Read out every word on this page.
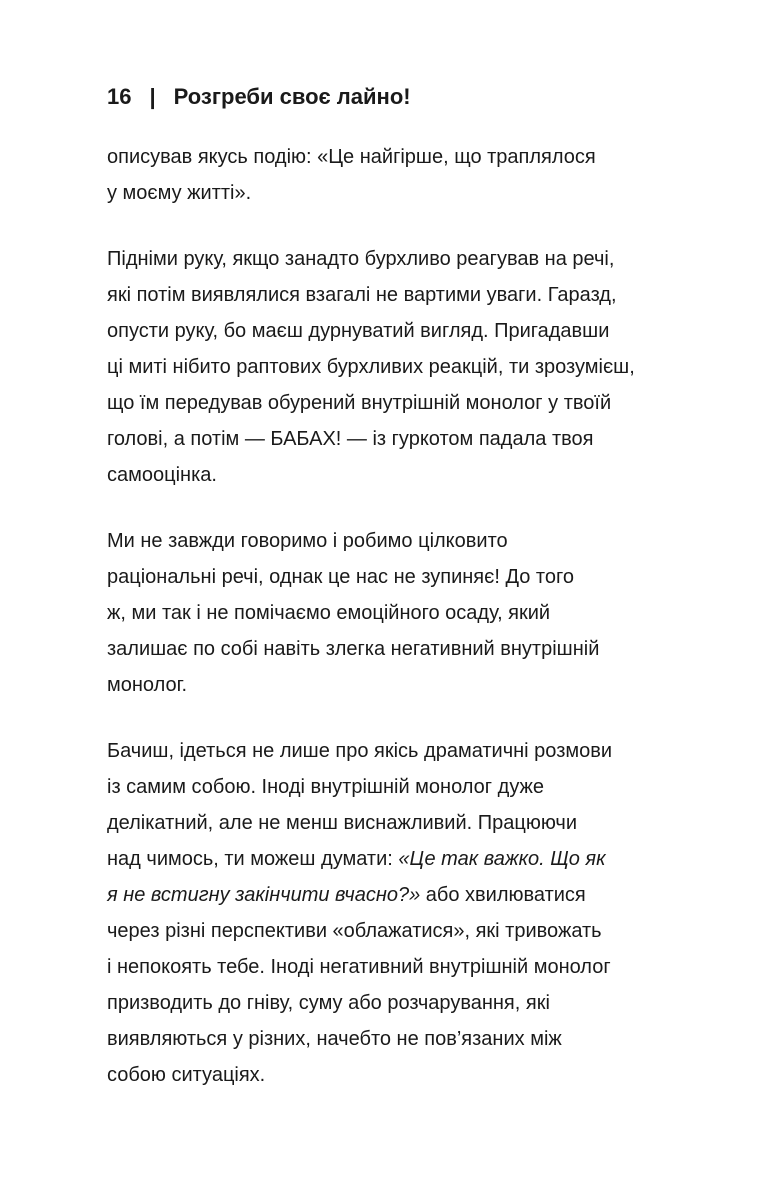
16 | Розгреби своє лайно!

описував якусь подію: «Це найгірше, що траплялося
у моєму житті».

Підніми руку, якщо занадто бурхливо реагував на речі,
які потім виявлялися взагалі не вартими уваги. Гаразд,
опусти руку, бо маєш дурнуватий вигляд. Пригадавши
ці миті нібито раптових бурхливих реакцій, ти зрозумієш,
що їм передував обурений внутрішній монолог у твоїй
голові, а потім — БАБАХ! — із гуркотом падала твоя
самооцінка.

Ми не завжди говоримо і робимо цілковито
раціональні речі, однак це нас не зупиняє! До того
ж, ми так і не помічаємо емоційного осаду, який
залишає по собі навіть злегка негативний внутрішній
монолог.

Бачиш, ідеться не лише про якісь драматичні розмови
із самим собою. Іноді внутрішній монолог дуже
делікатний, але не менш виснажливий. Працюючи
над чимось, ти можеш думати: «Це так важко. Що як
я не встигну закінчити вчасно?» або хвилюватися
через різні перспективи «облажатися», які тривожать
і непокоять тебе. Іноді негативний внутрішній монолог
призводить до гніву, суму або розчарування, які
виявляються у різних, начебто не пов’язаних між
собою ситуаціях.
